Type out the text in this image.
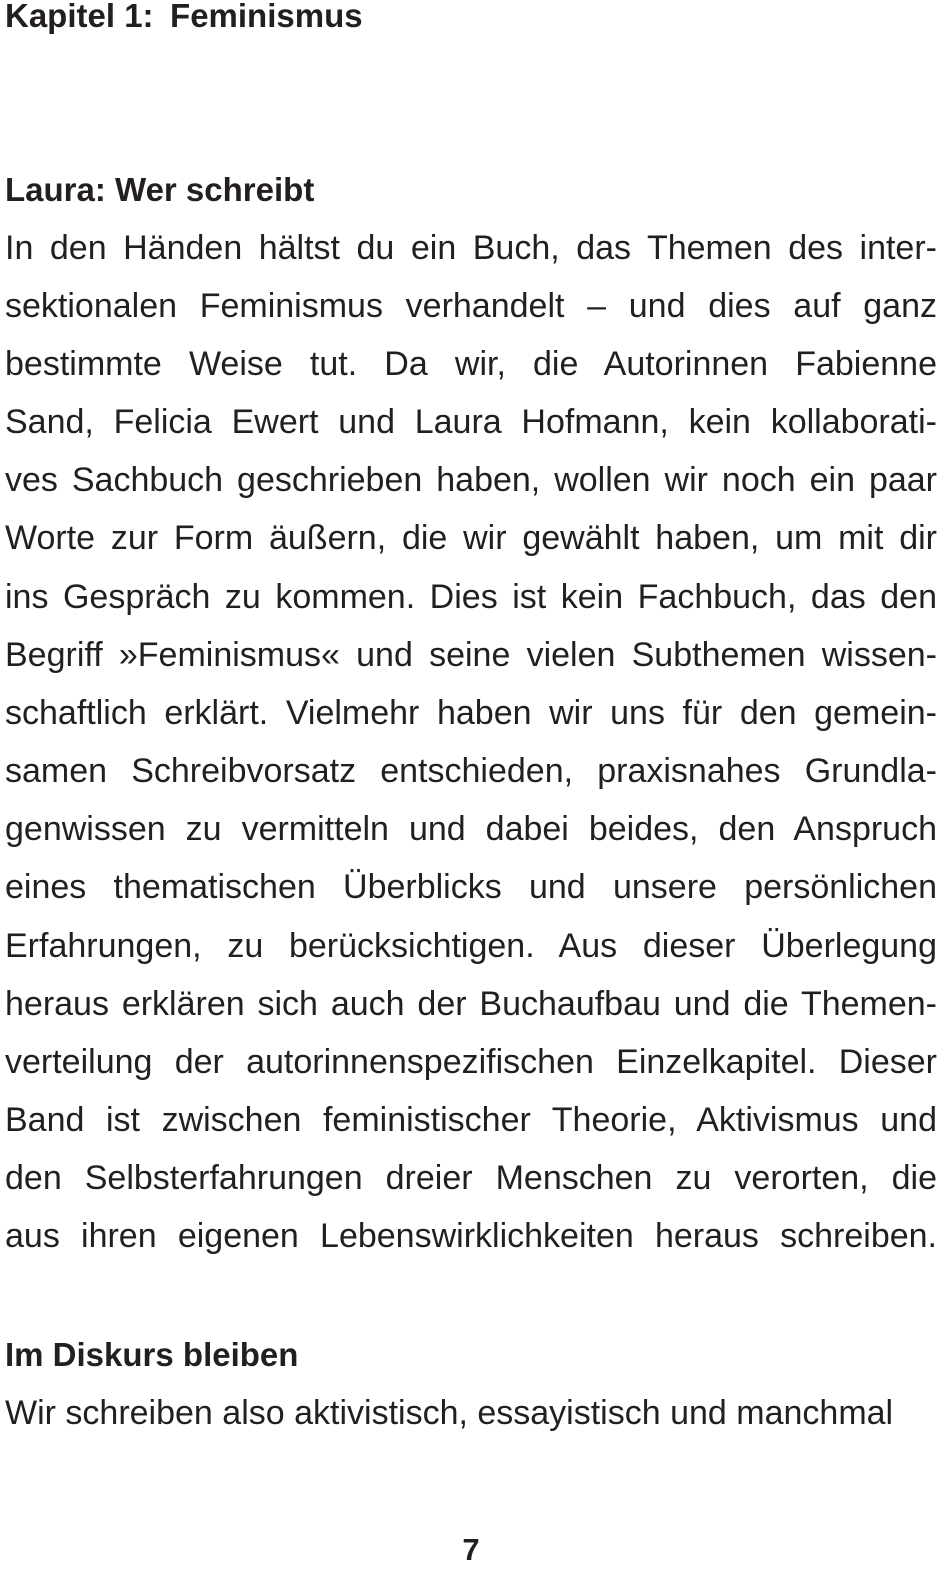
Kapitel 1: Feminismus
Laura: Wer schreibt

In den Händen hältst du ein Buch, das Themen des inter-

sektionalen Feminismus verhandelt – und dies auf ganz

bestimmte Weise tut. Da wir, die Autorinnen Fabienne

Sand, Felicia Ewert und Laura Hofmann, kein kollaborati-

ves Sachbuch geschrieben haben, wollen wir noch ein paar

Worte zur Form äußern, die wir gewählt haben, um mit dir

ins Gespräch zu kommen. Dies ist kein Fachbuch, das den

Begriff »Feminismus« und seine vielen Subthemen wissen-

schaftlich erklärt. Vielmehr haben wir uns für den gemein-

samen Schreibvorsatz entschieden, praxisnahes Grundla-

genwissen zu vermitteln und dabei beides, den Anspruch

eines thematischen Überblicks und unsere persönlichen

Erfahrungen, zu berücksichtigen. Aus dieser Überlegung

heraus erklären sich auch der Buchaufbau und die Themen-

verteilung der autorinnenspezifischen Einzelkapitel. Dieser

Band ist zwischen feministischer Theorie, Aktivismus und

den Selbsterfahrungen dreier Menschen zu verorten, die

aus ihren eigenen Lebenswirklichkeiten heraus schreiben.

Im Diskurs bleiben

Wir schreiben also aktivistisch, essayistisch und manchmal

7
